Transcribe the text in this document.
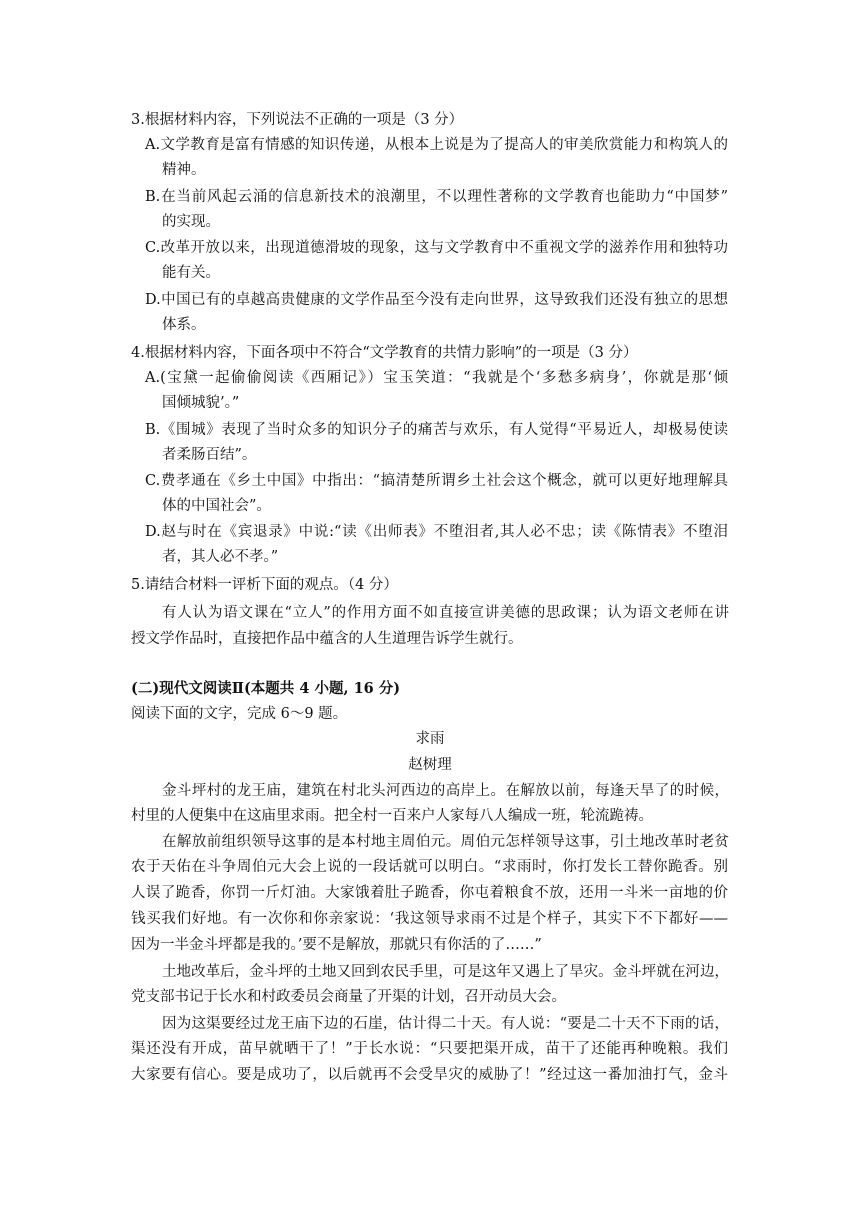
3.根据材料内容，下列说法不正确的一项是（3 分）
A.文学教育是富有情感的知识传递，从根本上说是为了提高人的审美欣赏能力和构筑人的
精神。
B.在当前风起云涌的信息新技术的浪潮里，不以理性著称的文学教育也能助力“中国梦”
的实现。
C.改革开放以来，出现道德滑坡的现象，这与文学教育中不重视文学的滋养作用和独特功
能有关。
D.中国已有的卓越高贵健康的文学作品至今没有走向世界，这导致我们还没有独立的思想
体系。
4.根据材料内容，下面各项中不符合“文学教育的共情力影响”的一项是（3 分）
A.(宝黛一起偷偷阅读《西厢记》）宝玉笑道：“我就是个‘多愁多病身’，你就是那‘倾
国倾城貌’。”
B.《围城》表现了当时众多的知识分子的痛苦与欢乐，有人觉得“平易近人，却极易使读
者柔肠百结”。
C.费孝通在《乡土中国》中指出：“搞清楚所谓乡土社会这个概念，就可以更好地理解具
体的中国社会”。
D.赵与时在《宾退录》中说:“读《出师表》不堕泪者,其人必不忠；读《陈情表》不堕泪
者，其人必不孝。”
5.请结合材料一评析下面的观点。（4 分）
有人认为语文课在“立人”的作用方面不如直接宣讲美德的思政课；认为语文老师在讲
授文学作品时，直接把作品中蕴含的人生道理告诉学生就行。
(二)现代文阅读Ⅱ(本题共 4 小题, 16 分)
阅读下面的文字，完成 6～9 题。
求雨
赵树理
金斗坪村的龙王庙，建筑在村北头河西边的高岸上。在解放以前，每逢天旱了的时候，
村里的人便集中在这庙里求雨。把全村一百来户人家每八人编成一班，轮流跪祷。
在解放前组织领导这事的是本村地主周伯元。周伯元怎样领导这事，引土地改革时老贫
农于天佑在斗争周伯元大会上说的一段话就可以明白。“求雨时，你打发长工替你跪香。别
人误了跪香，你罚一斤灯油。大家饿着肚子跪香，你屯着粮食不放，还用一斗米一亩地的价
钱买我们好地。有一次你和你亲家说：‘我这领导求雨不过是个样子，其实下不下都好——
因为一半金斗坪都是我的。’要不是解放，那就只有你活的了……”
土地改革后，金斗坪的土地又回到农民手里，可是这年又遇上了旱灾。金斗坪就在河边，
党支部书记于长水和村政委员会商量了开渠的计划，召开动员大会。
因为这渠要经过龙王庙下边的石崖，估计得二十天。有人说：“要是二十天不下雨的话，
渠还没有开成，苗早就晒干了！”于长水说：“只要把渠开成，苗干了还能再种晚粮。我们
大家要有信心。要是成功了，以后就再不会受旱灾的威胁了！”经过这一番加油打气，金斗
